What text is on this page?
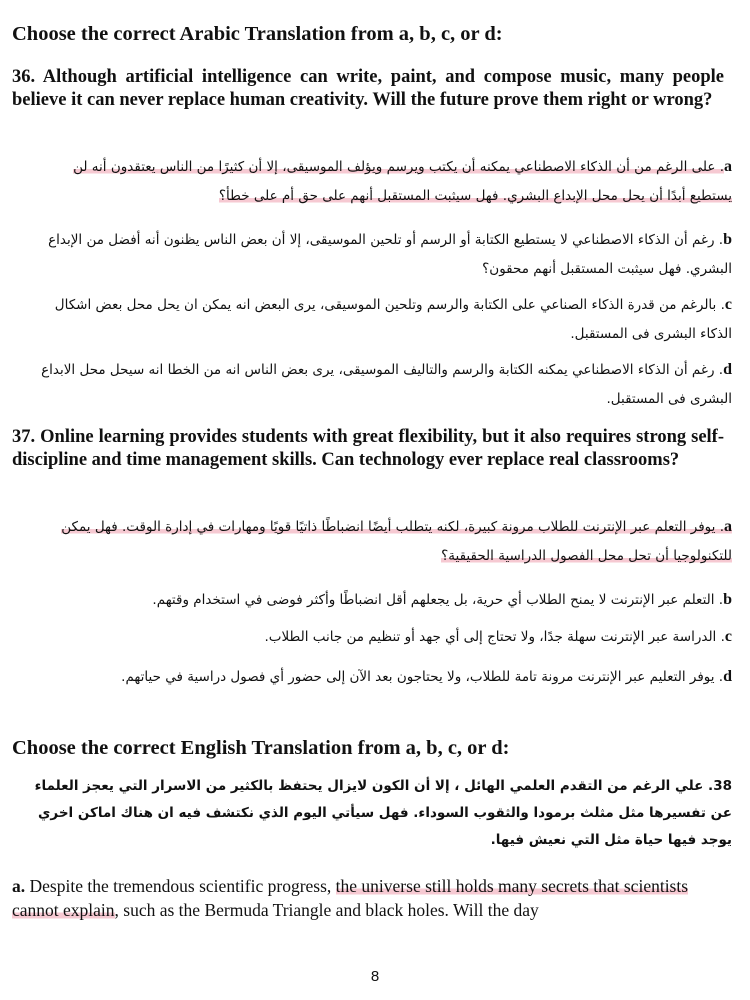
Choose the correct Arabic Translation from a, b, c, or d:
36. Although artificial intelligence can write, paint, and compose music, many people believe it can never replace human creativity. Will the future prove them right or wrong?
a. على الرغم من أن الذكاء الاصطناعي يمكنه أن يكتب ويرسم ويؤلف الموسيقى، إلا أن كثيرًا من الناس يعتقدون أنه لن يستطيع أبدًا أن يحل محل الإبداع البشري. فهل سيثبت المستقبل أنهم على حق أم على خطأ؟
b. رغم أن الذكاء الاصطناعي لا يستطيع الكتابة أو الرسم أو تلحين الموسيقى، إلا أن بعض الناس يظنون أنه أفضل من الإبداع البشري. فهل سيثبت المستقبل أنهم محقون؟
c. بالرغم من قدرة الذكاء الصناعي على الكتابة والرسم وتلحين الموسيقى، يرى البعض انه يمكن ان يحل محل بعض اشكال الذكاء البشرى فى المستقبل.
d. رغم أن الذكاء الاصطناعي يمكنه الكتابة والرسم والتاليف الموسيقى، يرى بعض الناس انه من الخطا انه سيحل محل الابداع البشرى فى المستقبل.
37. Online learning provides students with great flexibility, but it also requires strong self-discipline and time management skills. Can technology ever replace real classrooms?
a. يوفر التعلم عبر الإنترنت للطلاب مرونة كبيرة، لكنه يتطلب أيضًا انضباطًا ذاتيًا قويًا ومهارات في إدارة الوقت. فهل يمكن للتكنولوجيا أن تحل محل الفصول الدراسية الحقيقية؟
b. التعلم عبر الإنترنت لا يمنح الطلاب أي حرية، بل يجعلهم أقل انضباطًا وأكثر فوضى في استخدام وقتهم.
c. الدراسة عبر الإنترنت سهلة جدًا، ولا تحتاج إلى أي جهد أو تنظيم من جانب الطلاب.
d. يوفر التعليم عبر الإنترنت مرونة تامة للطلاب، ولا يحتاجون بعد الآن إلى حضور أي فصول دراسية في حياتهم.
Choose the correct English Translation from a, b, c, or d:
38. علي الرغم من التقدم العلمي الهائل ، إلا أن الكون لايزال يحتفظ بالكثير من الاسرار التي يعجز العلماء عن تفسيرها مثل مثلث برمودا والثقوب السوداء. فهل سيأتي اليوم الذي نكتشف فيه ان هناك اماكن اخري يوجد فيها حياة مثل التي نعيش فيها.
a. Despite the tremendous scientific progress, the universe still holds many secrets that scientists cannot explain, such as the Bermuda Triangle and black holes. Will the day
8
